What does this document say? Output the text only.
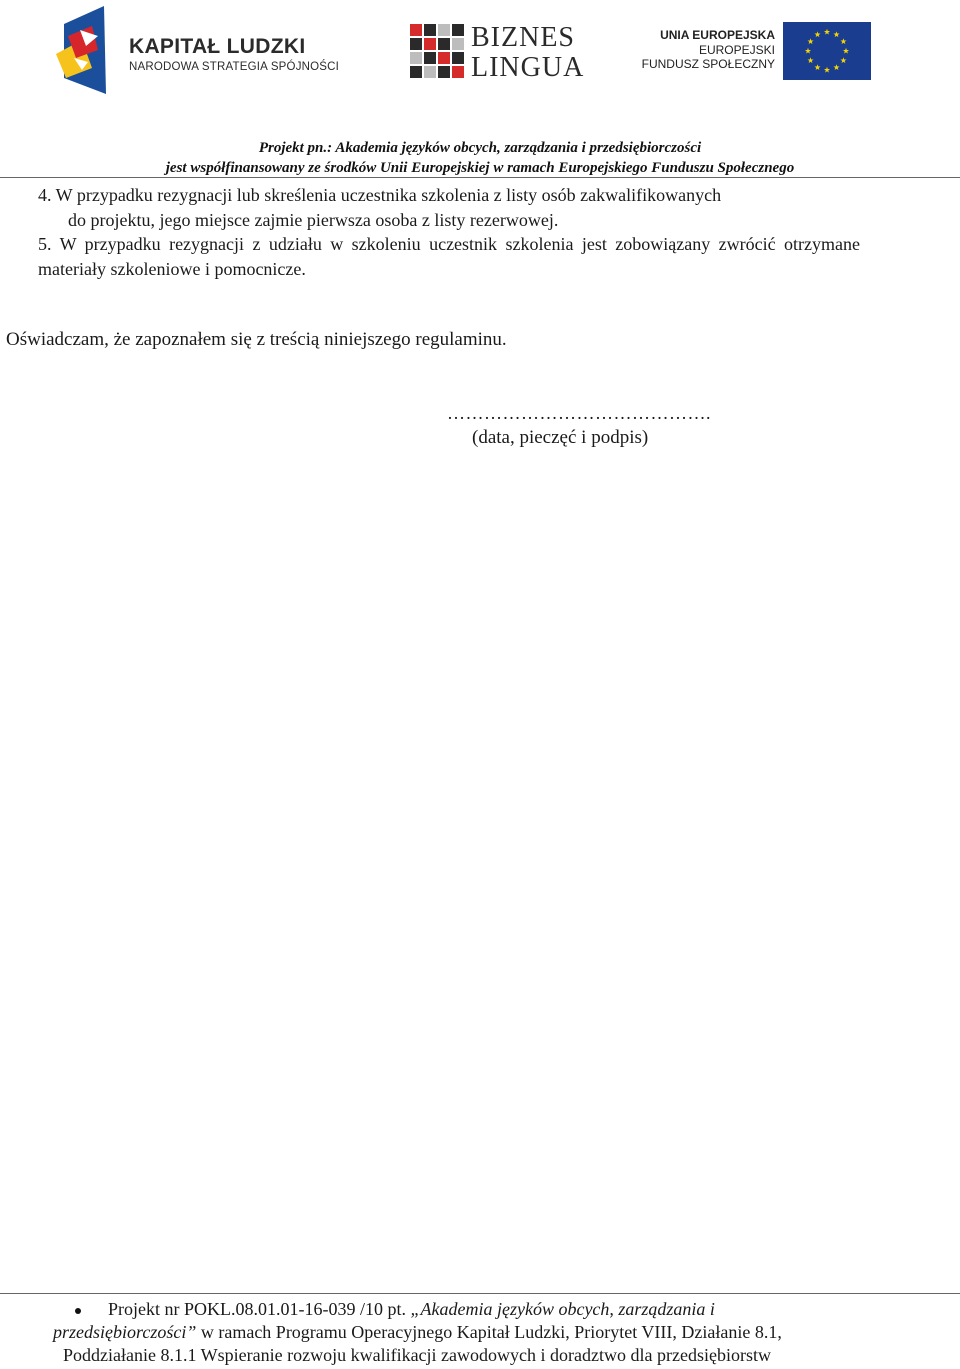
KAPITAŁ LUDZKI
NARODOWA STRATEGIA SPÓJNOŚCI
BIZNES
LINGUA
UNIA EUROPEJSKA
EUROPEJSKI
FUNDUSZ SPOŁECZNY
Projekt pn.: Akademia języków obcych, zarządzania i przedsiębiorczości
jest współfinansowany ze środków Unii Europejskiej w ramach Europejskiego Funduszu Społecznego
4. W przypadku rezygnacji lub skreślenia uczestnika szkolenia z listy osób zakwalifikowanych
do projektu, jego miejsce zajmie pierwsza osoba z listy rezerwowej.
5. W przypadku rezygnacji z udziału w szkoleniu uczestnik szkolenia jest zobowiązany zwrócić otrzymane materiały szkoleniowe i pomocnicze.
Oświadczam, że zapoznałem się z treścią niniejszego regulaminu.
…………………………………….
(data, pieczęć i podpis)
Projekt nr POKL.08.01.01-16-039 /10 pt. „Akademia języków obcych, zarządzania i
przedsiębiorczości” w ramach Programu Operacyjnego Kapitał Ludzki, Priorytet VIII, Działanie 8.1,
Poddziałanie 8.1.1 Wspieranie rozwoju kwalifikacji zawodowych i doradztwo dla przedsiębiorstw
